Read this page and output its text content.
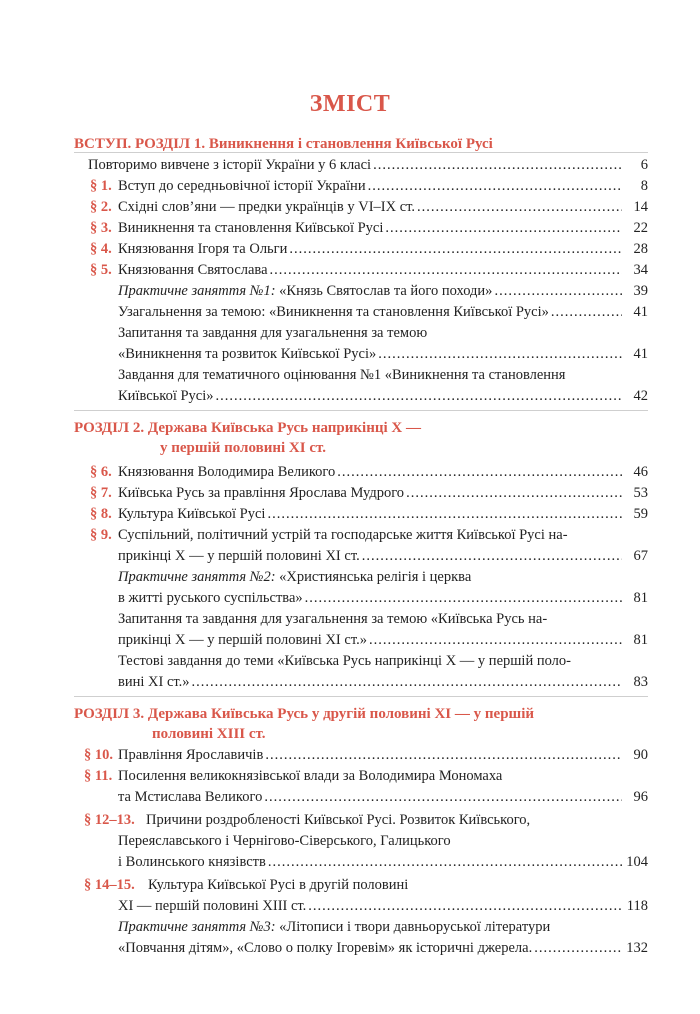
ЗМІСТ
ВСТУП. РОЗДІЛ 1. Виникнення і становлення Київської Русі
Повторимо вивчене з історії України у 6 класі .....	6
§ 1. Вступ до середньовічної історії України .....	8
§ 2. Східні слов’яни — предки українців у VI–IX ст. .....	14
§ 3. Виникнення та становлення Київської Русі .....	22
§ 4. Князювання Ігоря та Ольги .....	28
§ 5. Князювання Святослава .....	34
Практичне заняття №1: «Князь Святослав та його походи» .....	39
Узагальнення за темою: «Виникнення та становлення Київської Русі» .....	41
Запитання та завдання для узагальнення за темою
«Виникнення та розвиток Київської Русі» .....	41
Завдання для тематичного оцінювання №1 «Виникнення та становлення
Київської Русі» .....	42
РОЗДІЛ 2. Держава Київська Русь наприкінці X —
у першій половині XI ст.
§ 6. Князювання Володимира Великого .....	46
§ 7. Київська Русь за правління Ярослава Мудрого .....	53
§ 8. Культура Київської Русі .....	59
§ 9. Суспільний, політичний устрій та господарське життя Київської Русі на-
прикінці X — у першій половині XI ст. .....	67
Практичне заняття №2: «Християнська релігія і церква
в житті руського суспільства» .....	81
Запитання та завдання для узагальнення за темою «Київська Русь на-
прикінці X — у першій половині XI ст.» .....	81
Тестові завдання до теми «Київська Русь наприкінці X — у першій поло-
вині XI ст.» .....	83
РОЗДІЛ 3. Держава Київська Русь у другій половині XI — у першій
половині XIII ст.
§ 10. Правління Ярославичів .....	90
§ 11. Посилення великокнязівської влади за Володимира Мономаха
та Мстислава Великого .....	96
§ 12–13. Причини роздробленості Київської Русі. Розвиток Київського,
Переяславського і Чернігово-Сіверського, Галицького
і Волинського князівств .....	104
§ 14–15. Культура Київської Русі в другій половині
XI — першій половині XIII ст. .....	118
Практичне заняття №3: «Літописи і твори давньоруської літератури
«Повчання дітям», «Слово о полку Ігоревім» як історичні джерела. .....	132
